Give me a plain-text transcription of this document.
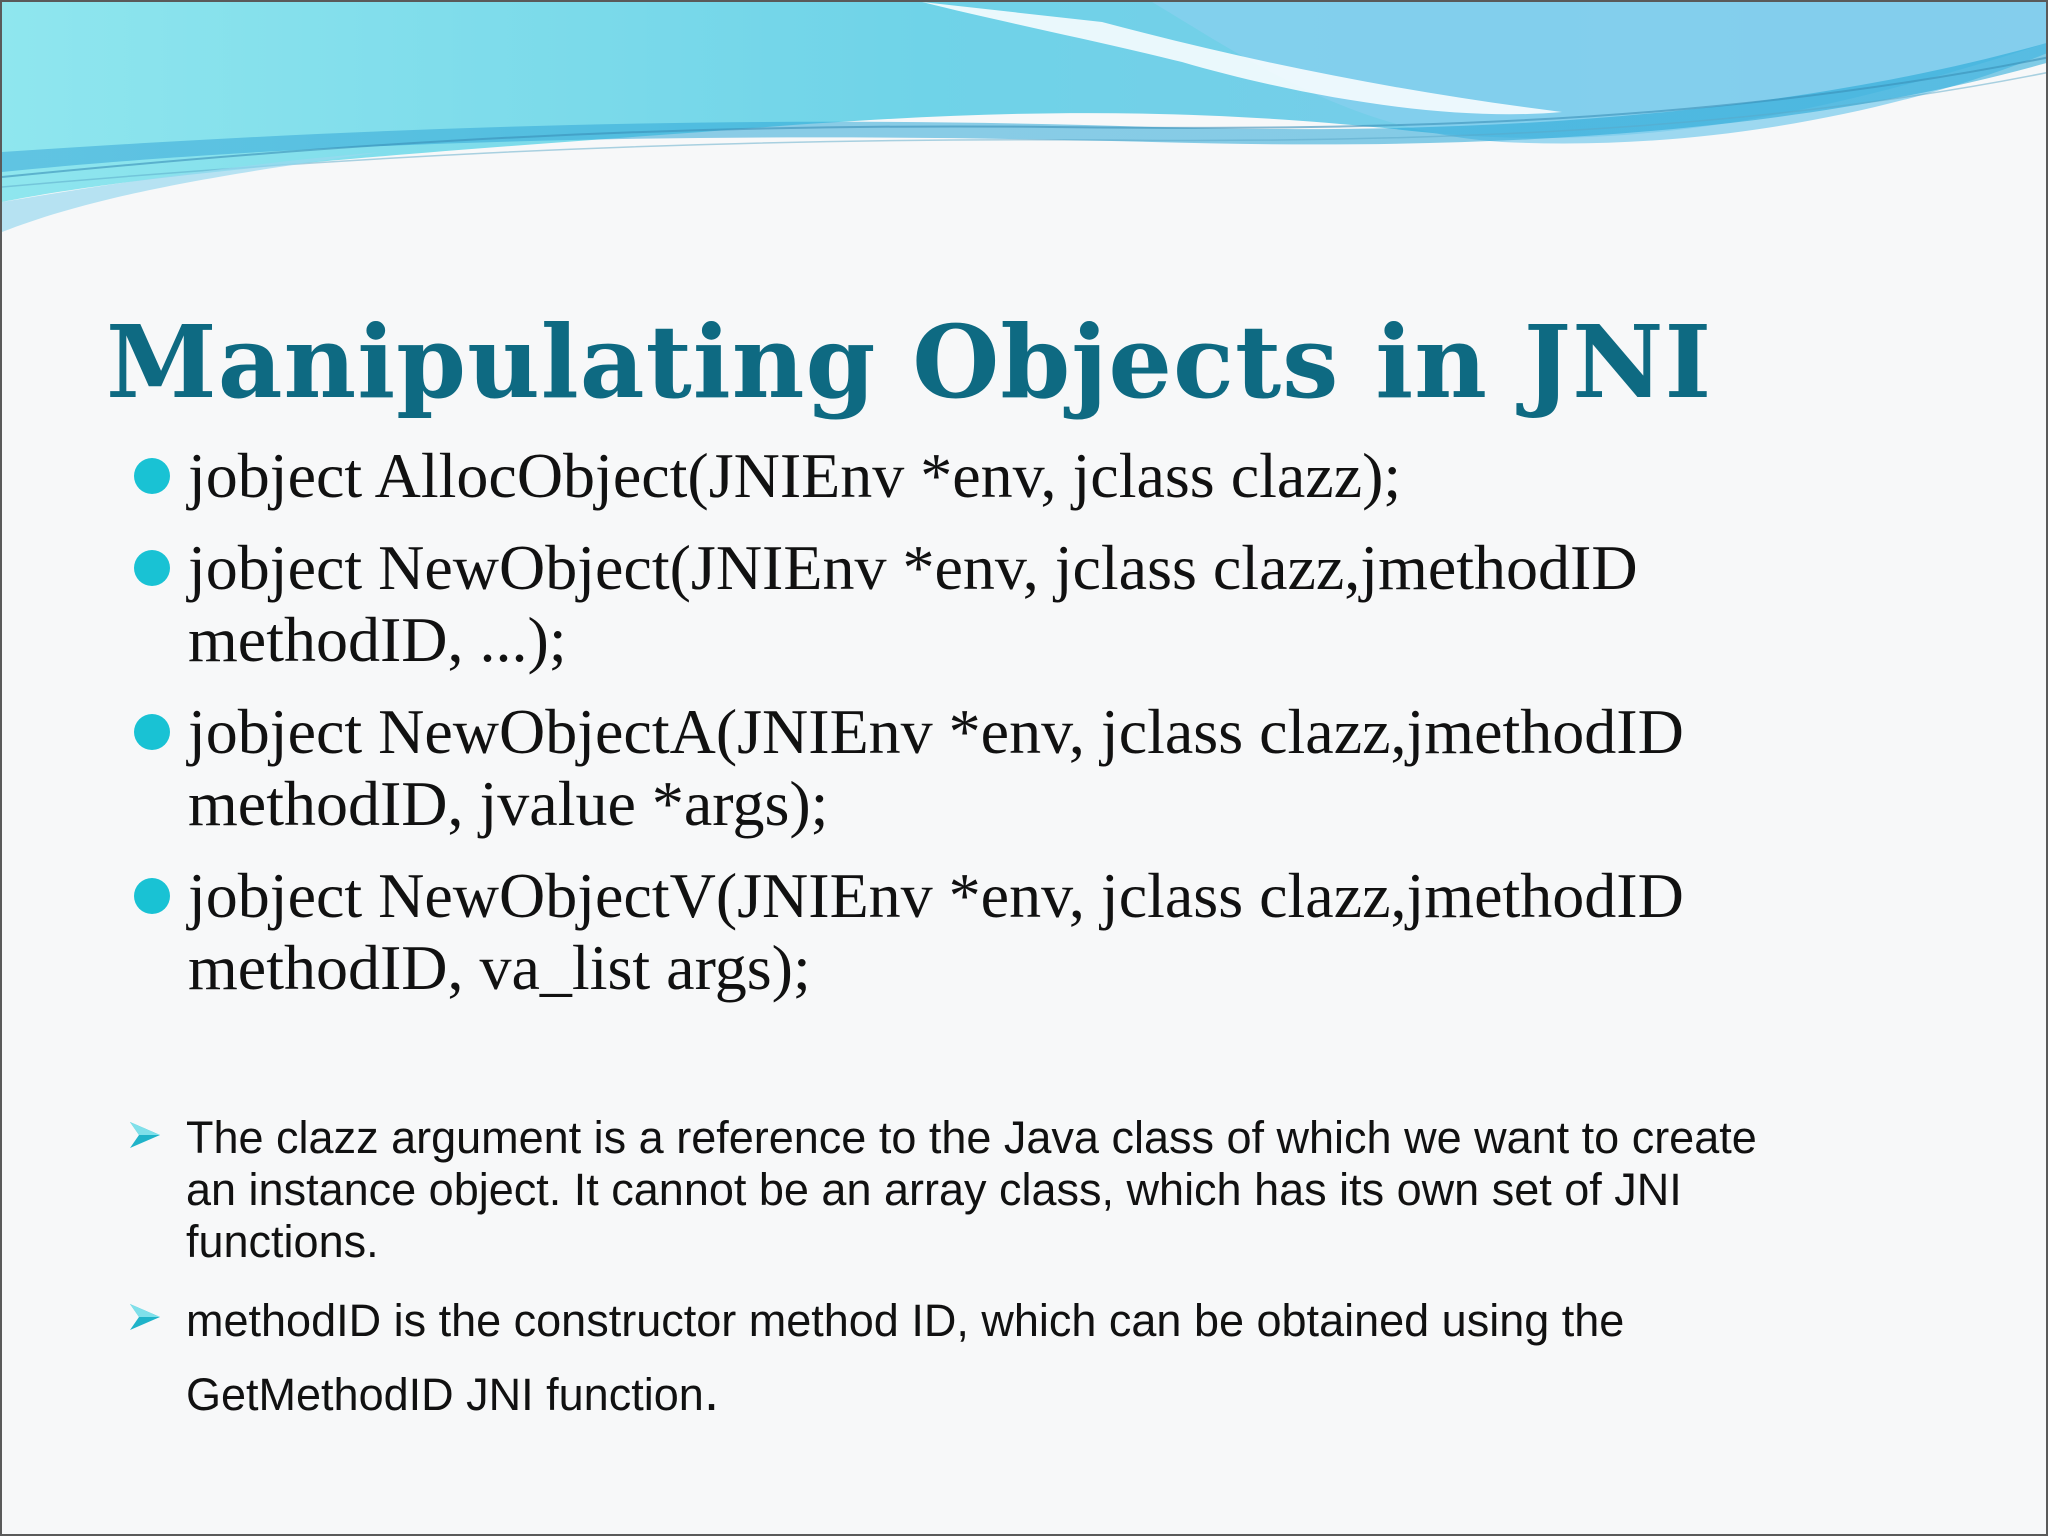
Manipulating Objects in JNI
jobject AllocObject(JNIEnv *env, jclass clazz);
jobject NewObject(JNIEnv *env, jclass clazz,jmethodID
methodID, ...);
jobject NewObjectA(JNIEnv *env, jclass clazz,jmethodID
methodID, jvalue *args);
jobject NewObjectV(JNIEnv *env, jclass clazz,jmethodID
methodID, va_list args);
The clazz argument is a reference to the Java class of which we want to create
an instance object. It cannot be an array class, which has its own set of JNI
functions.
methodID is the constructor method ID, which can be obtained using the
GetMethodID JNI function.
